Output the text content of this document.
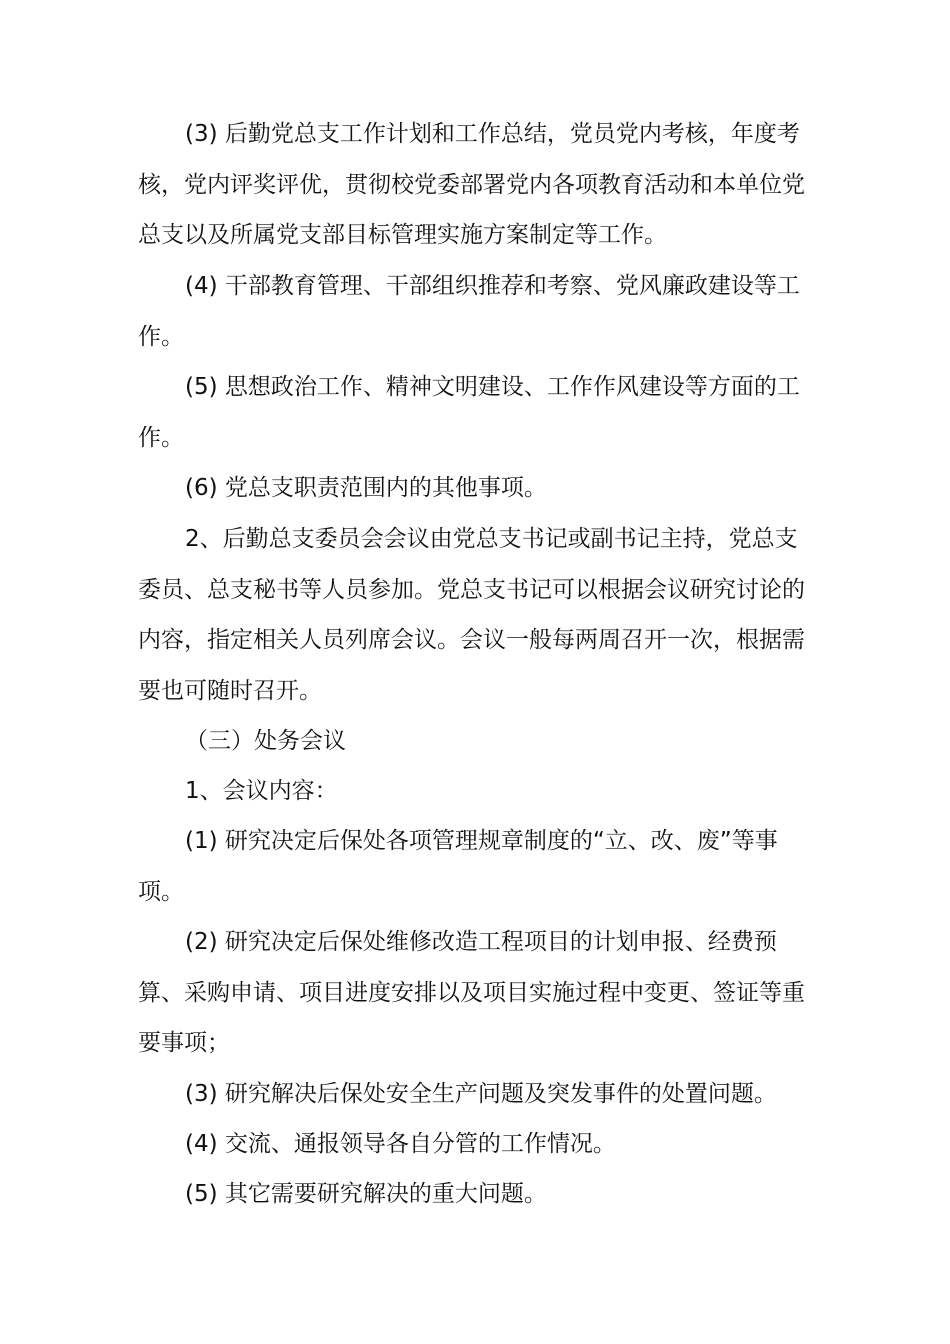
(3) 后勤党总支工作计划和工作总结，党员党内考核，年度考核，党内评奖评优，贯彻校党委部署党内各项教育活动和本单位党总支以及所属党支部目标管理实施方案制定等工作。

(4) 干部教育管理、干部组织推荐和考察、党风廉政建设等工作。

(5) 思想政治工作、精神文明建设、工作作风建设等方面的工作。

(6) 党总支职责范围内的其他事项。

2、后勤总支委员会会议由党总支书记或副书记主持，党总支委员、总支秘书等人员参加。党总支书记可以根据会议研究讨论的内容，指定相关人员列席会议。会议一般每两周召开一次，根据需要也可随时召开。

（三）处务会议

1、会议内容：

(1) 研究决定后保处各项管理规章制度的“立、改、废”等事项。

(2) 研究决定后保处维修改造工程项目的计划申报、经费预算、采购申请、项目进度安排以及项目实施过程中变更、签证等重要事项；

(3) 研究解决后保处安全生产问题及突发事件的处置问题。

(4) 交流、通报领导各自分管的工作情况。

(5) 其它需要研究解决的重大问题。
